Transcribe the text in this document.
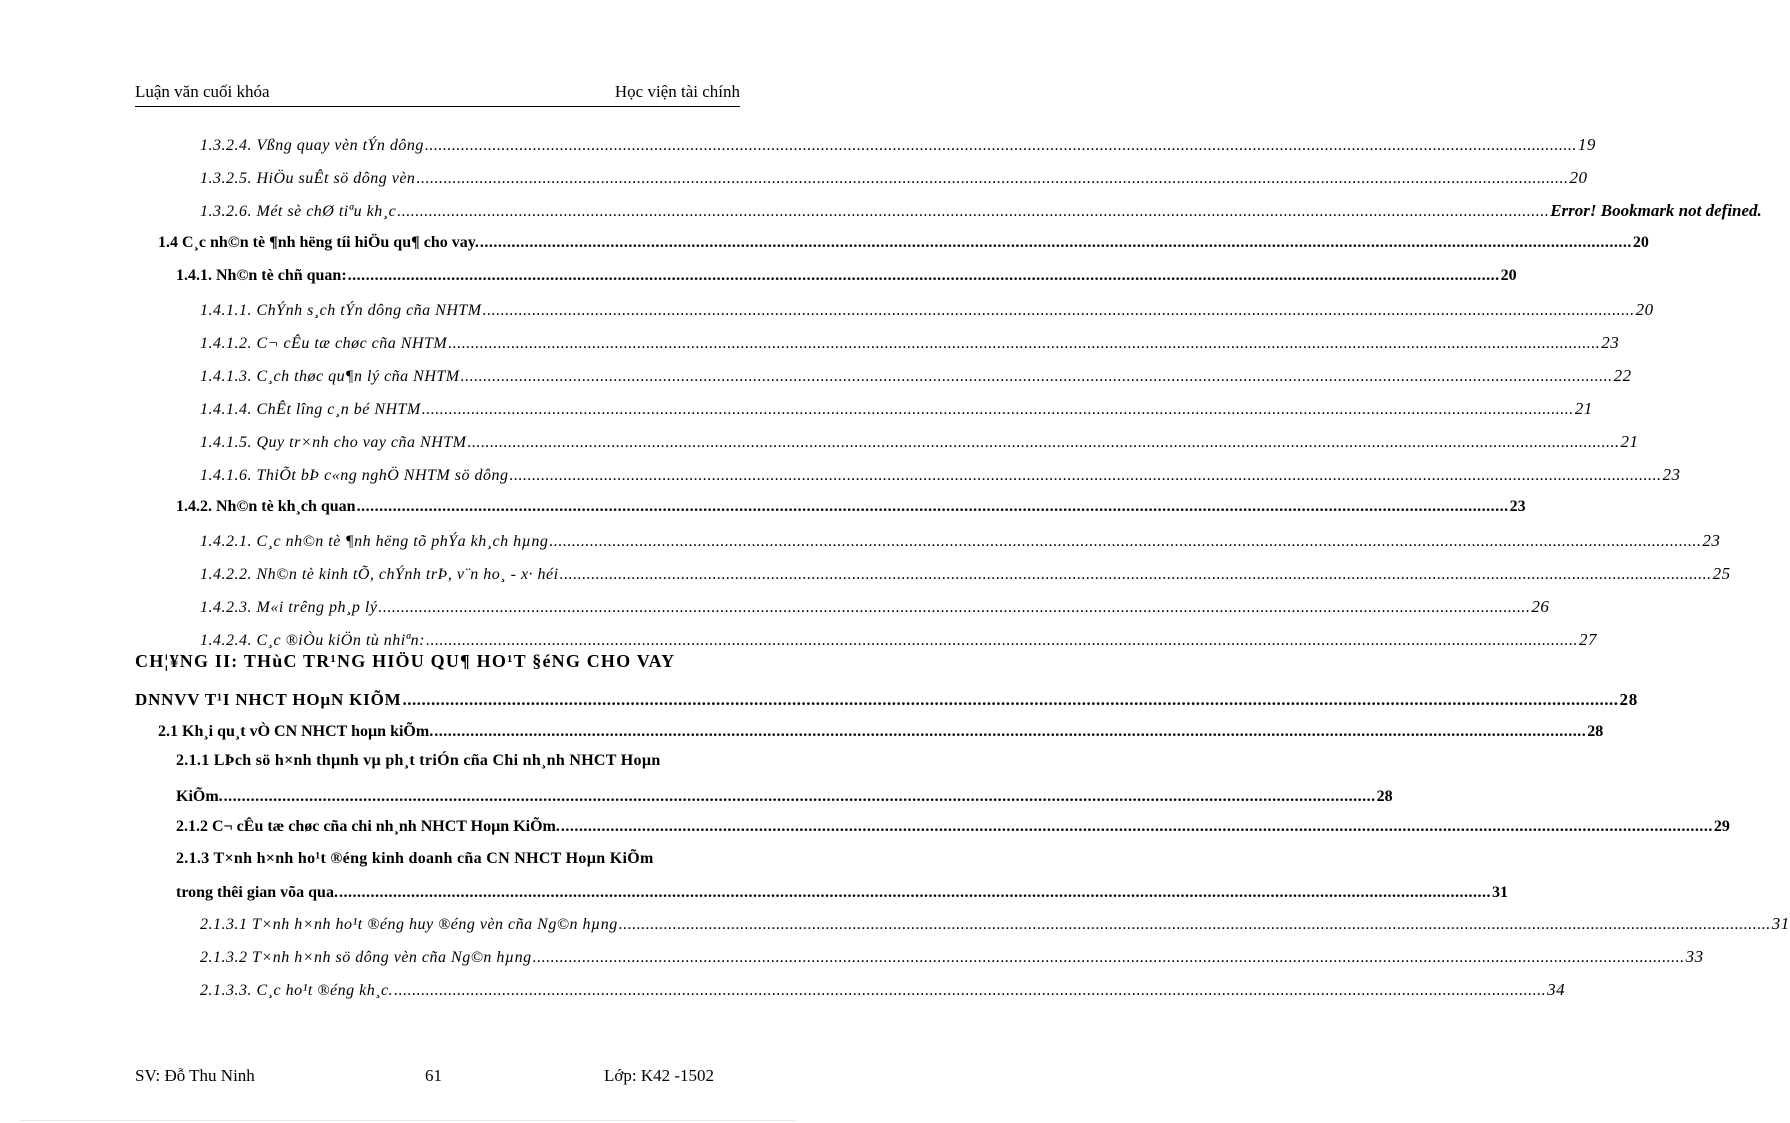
Luận văn cuối khóa	Học viện tài chính
1.3.2.4. Vßng quay vèn tÝn dông .....	19
1.3.2.5. HiÖu suÊt sö dông vèn .....	20
1.3.2.6. Mét sè chØ tiªu kh¸c .....	Error! Bookmark not defined.
1.4 C¸c nh©n tè ¶nh hëng tíi hiÖu qu¶ cho vay. .....	20
1.4.1. Nh©n tè chñ quan: .....	20
1.4.1.1. ChÝnh s¸ch tÝn dông cña NHTM .....	20
1.4.1.2. C¬ cÊu tæ chøc cña NHTM .....	23
1.4.1.3. C¸ch thøc qu¶n lý cña NHTM .....	22
1.4.1.4. ChÊt lîng c¸n bé NHTM .....	21
1.4.1.5. Quy tr×nh cho vay cña NHTM .....	21
1.4.1.6. ThiÕt bÞ c«ng nghÖ NHTM sö dông .....	23
1.4.2. Nh©n tè kh¸ch quan .....	23
1.4.2.1. C¸c nh©n tè ¶nh hëng tõ phÝa kh¸ch hµng .....	23
1.4.2.2. Nh©n tè kinh tÕ, chÝnh trÞ, v¨n ho¸ - x· héi .....	25
1.4.2.3. M«i trêng ph¸p lý .....	26
1.4.2.4. C¸c ®iÒu kiÖn tù nhiªn: .....	27
CH¦¥NG II: THùC TR¹NG HIÖU QU¶ HO¹T §éNG CHO VAY
DNNVV T¹I NHCT HOµN KIÕM .....	28
2.1 Kh¸i qu¸t vÒ CN NHCT hoµn kiÕm. .....	28
2.1.1 LÞch sö h×nh thµnh vµ ph¸t triÓn cña Chi nh¸nh NHCT Hoµn
KiÕm. .....	28
2.1.2 C¬ cÊu tæ chøc cña chi nh¸nh NHCT Hoµn KiÕm. .....	29
2.1.3 T×nh h×nh ho¹t ®éng kinh doanh cña CN NHCT Hoµn KiÕm
trong thêi gian võa qua. .....	31
2.1.3.1 T×nh h×nh ho¹t ®éng huy ®éng vèn cña Ng©n hµng .....	31
2.1.3.2 T×nh h×nh sö dông vèn cña Ng©n hµng .....	33
2.1.3.3. C¸c ho¹t ®éng kh¸c. .....	34
SV: Đỗ Thu Ninh	61	Lớp: K42 -1502
